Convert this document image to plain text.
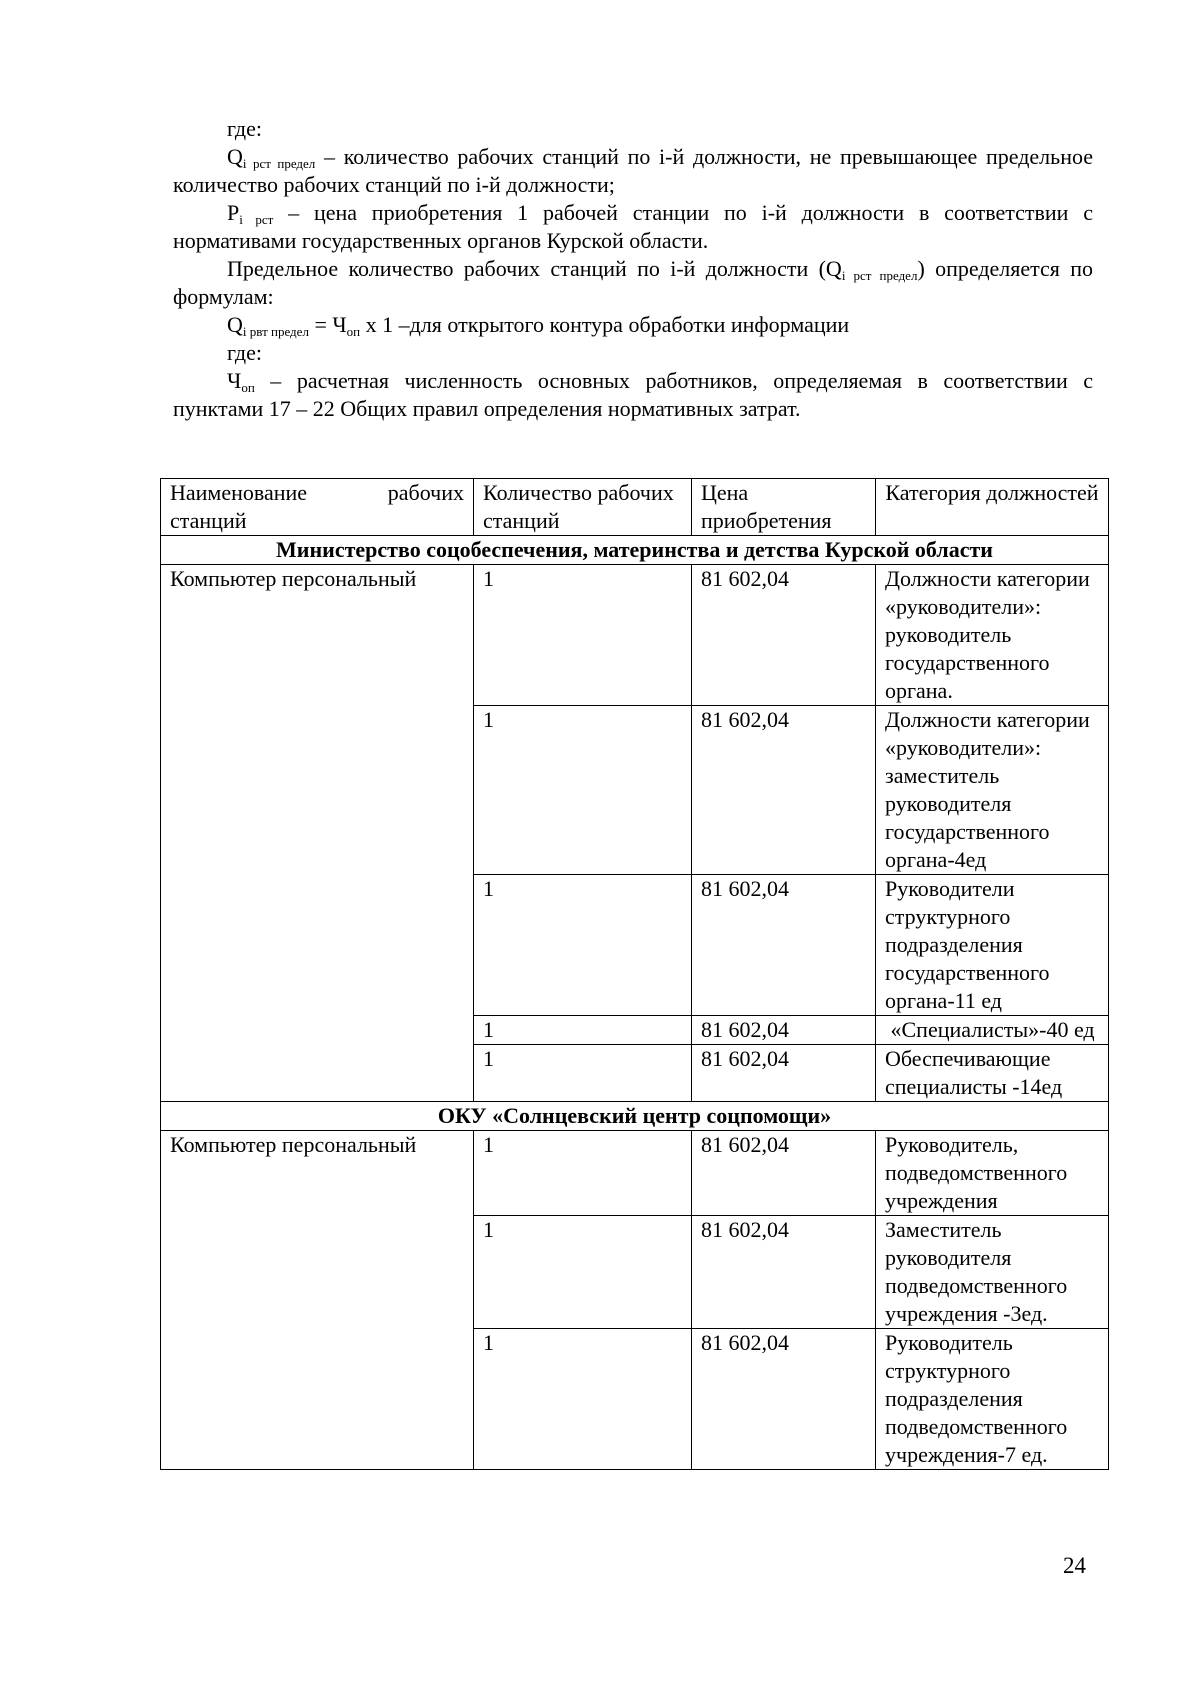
где:

$Q_{i рст предел}$ – количество рабочих станций по i-й должности, не превышающее предельное количество рабочих станций по i-й должности;

$P_{i рст}$ – цена приобретения 1 рабочей станции по i-й должности в соответствии с нормативами государственных органов Курской области.

Предельное количество рабочих станций по i-й должности $(Q_{i рст предел})$ определяется по формулам:

$Q_{i рвт предел} = Ч_{оп}$ х 1 –для открытого контура обработки информации

где:

$Ч_{оп}$ – расчетная численность основных работников, определяемая в соответствии с пунктами 17 – 22 Общих правил определения нормативных затрат.

Наименование рабочих станций	Количество рабочих станций	Цена приобретения	Категория должностей
Министерство соцобеспечения, материнства и детства Курской области			
Компьютер персональный	1	81 602,04	Должности категории «руководители»: руководитель государственного органа.
	1	81 602,04	Должности категории «руководители»: заместитель руководителя государственного органа-4ед
	1	81 602,04	Руководители структурного подразделения государственного органа-11 ед
	1	81 602,04	«Специалисты»-40 ед
	1	81 602,04	Обеспечивающие специалисты -14ед
ОКУ «Солнцевский центр соцпомощи»			
Компьютер персональный	1	81 602,04	Руководитель, подведомственного учреждения
	1	81 602,04	Заместитель руководителя подведомственного учреждения -3ед.
	1	81 602,04	Руководитель структурного подразделения подведомственного учреждения-7 ед.
24
